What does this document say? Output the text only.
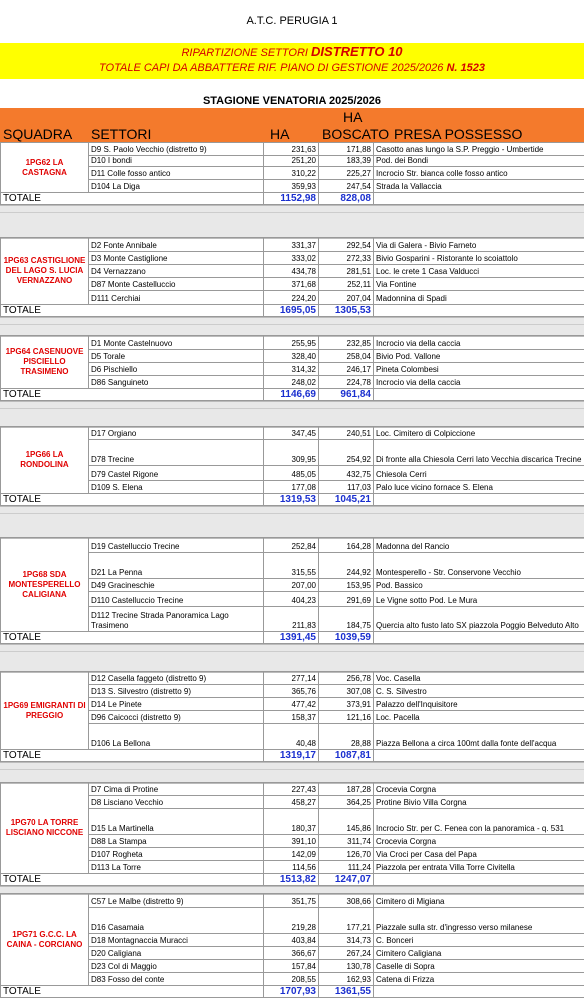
A.T.C. PERUGIA 1
RIPARTIZIONE SETTORI DISTRETTO 10
TOTALE CAPI DA ABBATTERE RIF. PIANO DI GESTIONE 2025/2026 N. 1523
STAGIONE VENATORIA 2025/2026
SQUADRA SETTORI	HA
HA
BOSCATO PRESA POSSESSO
1PG62 LA CASTAGNA	D9 S. Paolo Vecchio (distretto 9)	231,63	171,88	Casotto anas lungo la S.P. Preggio - Umbertide
	D10 I bondi	251,20	183,39	Pod. dei Bondi
	D11 Colle fosso antico	310,22	225,27	Incrocio Str. bianca colle fosso antico
	D104 La Diga	359,93	247,54	Strada la Vallaccia
TOTALE		1152,98	828,08	
1PG63 CASTIGLIONE DEL LAGO S. LUCIA VERNAZZANO	D2 Fonte Annibale	331,37	292,54	Via di Galera - Bivio Farneto
	D3 Monte Castiglione	333,02	272,33	Bivio Gosparini - Ristorante lo scoiattolo
	D4 Vernazzano	434,78	281,51	Loc. le crete 1 Casa Valducci
	D87 Monte Castelluccio	371,68	252,11	Via Fontine
	D111 Cerchiai	224,20	207,04	Madonnina di Spadi
TOTALE		1695,05	1305,53	
1PG64 CASENUOVE PISCIELLO TRASIMENO	D1 Monte Castelnuovo	255,95	232,85	Incrocio via della caccia
	D5 Torale	328,40	258,04	Bivio Pod. Vallone
	D6 Pischiello	314,32	246,17	Pineta Colombesi
	D86 Sanguineto	248,02	224,78	Incrocio via della caccia
TOTALE		1146,69	961,84	
1PG66 LA RONDOLINA	D17 Orgiano	347,45	240,51	Loc. Cimitero di Colpiccione
	D78 Trecine	309,95	254,92	Di fronte alla Chiesola Cerri lato Vecchia discarica Trecine
	D79 Castel Rigone	485,05	432,75	Chiesola Cerri
	D109 S. Elena	177,08	117,03	Palo luce vicino fornace S. Elena
TOTALE		1319,53	1045,21	
1PG68 SDA MONTESPERELLO CALIGIANA	D19 Castelluccio Trecine	252,84	164,28	Madonna del Rancio
	D21 La Penna	315,55	244,92	Montesperello - Str. Conservone Vecchio
	D49 Gracineschie	207,00	153,95	Pod. Bassico
	D110 Castelluccio Trecine	404,23	291,69	Le Vigne sotto Pod. Le Mura
	D112 Trecine Strada Panoramica Lago Trasimeno	211,83	184,75	Quercia alto fusto lato SX piazzola Poggio Belveduto Alto
TOTALE		1391,45	1039,59	
1PG69 EMIGRANTI DI PREGGIO	D12 Casella faggeto (distretto 9)	277,14	256,78	Voc. Casella
	D13 S. Silvestro (distretto 9)	365,76	307,08	C. S. Silvestro
	D14 Le Pinete	477,42	373,91	Palazzo dell'Inquisitore
	D96 Caicocci (distretto 9)	158,37	121,16	Loc. Pacella
	D106 La Bellona	40,48	28,88	Piazza Bellona a circa 100mt dalla fonte dell'acqua
TOTALE		1319,17	1087,81	
1PG70 LA TORRE LISCIANO NICCONE	D7 Cima di Protine	227,43	187,28	Crocevia Corgna
	D8 Lisciano Vecchio	458,27	364,25	Protine Bivio Villa Corgna
	D15 La Martinella	180,37	145,86	Incrocio Str. per C. Fenea con la panoramica - q. 531
	D88 La Stampa	391,10	311,74	Crocevia Corgna
	D107 Rogheta	142,09	126,70	Via Croci per Casa del Papa
	D113 La Torre	114,56	111,24	Piazzola per entrata Villa Torre Civitella
TOTALE		1513,82	1247,07	
1PG71 G.C.C. LA CAINA - CORCIANO	C57 Le Malbe (distretto 9)	351,75	308,66	Cimitero di Migiana
	D16 Casamaia	219,28	177,21	Piazzale sulla str. d'ingresso verso milanese
	D18 Montagnaccia Muracci	403,84	314,73	C. Bonceri
	D20 Caligiana	366,67	267,24	Cimitero Caligiana
	D23 Col di Maggio	157,84	130,78	Caselle di Sopra
	D83 Fosso del conte	208,55	162,93	Catena di Frizza
TOTALE		1707,93	1361,55	
